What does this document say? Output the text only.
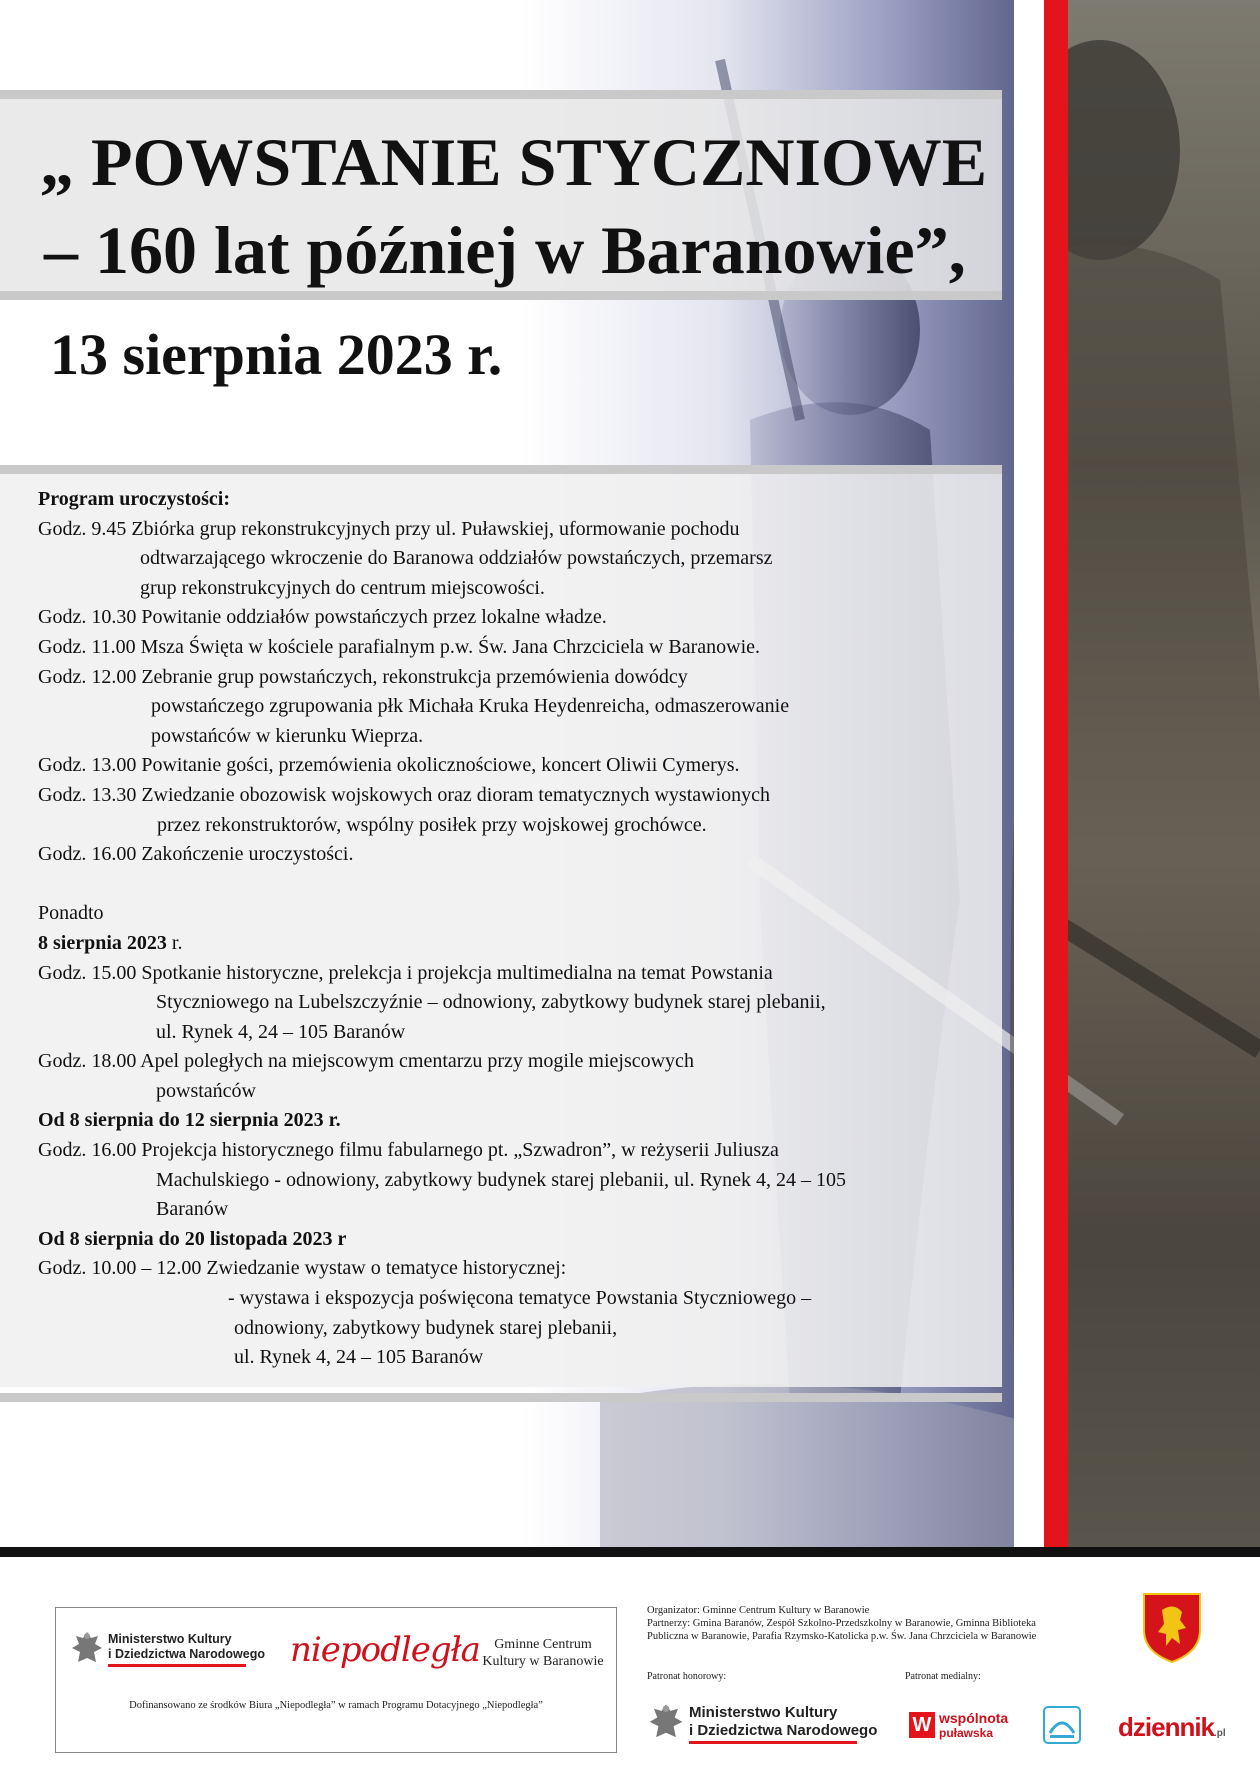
„ POWSTANIE STYCZNIOWE
– 160 lat później w Baranowie”,
13 sierpnia 2023 r.
Program uroczystości:
Godz. 9.45 Zbiórka grup rekonstrukcyjnych przy ul. Puławskiej, uformowanie pochodu
odtwarzającego wkroczenie do Baranowa oddziałów powstańczych, przemarsz
grup rekonstrukcyjnych do centrum miejscowości.
Godz. 10.30 Powitanie oddziałów powstańczych przez lokalne władze.
Godz. 11.00 Msza Święta w kościele parafialnym p.w. Św. Jana Chrzciciela w Baranowie.
Godz. 12.00 Zebranie grup powstańczych, rekonstrukcja przemówienia dowódcy
powstańczego zgrupowania płk Michała Kruka Heydenreicha, odmaszerowanie
powstańców w kierunku Wieprza.
Godz. 13.00 Powitanie gości, przemówienia okolicznościowe, koncert Oliwii Cymerys.
Godz. 13.30 Zwiedzanie obozowisk wojskowych oraz dioram tematycznych wystawionych
przez rekonstruktorów, wspólny posiłek przy wojskowej grochówce.
Godz. 16.00 Zakończenie uroczystości.
Ponadto
8 sierpnia 2023 r.
Godz. 15.00 Spotkanie historyczne, prelekcja i projekcja multimedialna na temat Powstania
Styczniowego na Lubelszczyźnie – odnowiony, zabytkowy budynek starej plebanii,
ul. Rynek 4, 24 – 105 Baranów
Godz. 18.00 Apel poległych na miejscowym cmentarzu przy mogile miejscowych
powstańców
Od 8 sierpnia do 12 sierpnia 2023 r.
Godz. 16.00 Projekcja historycznego filmu fabularnego pt. „Szwadron”, w reżyserii Juliusza
Machulskiego - odnowiony, zabytkowy budynek starej plebanii, ul. Rynek 4, 24 – 105
Baranów
Od 8 sierpnia do 20 listopada 2023 r
Godz. 10.00 – 12.00 Zwiedzanie wystaw o tematyce historycznej:
- wystawa i ekspozycja poświęcona tematyce Powstania Styczniowego –
odnowiony, zabytkowy budynek starej plebanii,
ul. Rynek 4, 24 – 105 Baranów
Ministerstwo Kultury
i Dziedzictwa Narodowego niepodległa	Gminne Centrum
Kultury w Baranowie
Dofinansowano ze środków Biura „Niepodległa” w ramach Programu Dotacyjnego „Niepodległa”
Organizator: Gminne Centrum Kultury w Baranowie
Partnerzy: Gmina Baranów, Zespół Szkolno-Przedszkolny w Baranowie, Gminna Biblioteka
Publiczna w Baranowie, Parafia Rzymsko-Katolicka p.w. Św. Jana Chrzciciela w Baranowie
Patronat honorowy:	Patronat medialny:
Ministerstwo Kultury
i Dziedzictwa Narodowego W wspólnota
puławska	dziennik.pl
